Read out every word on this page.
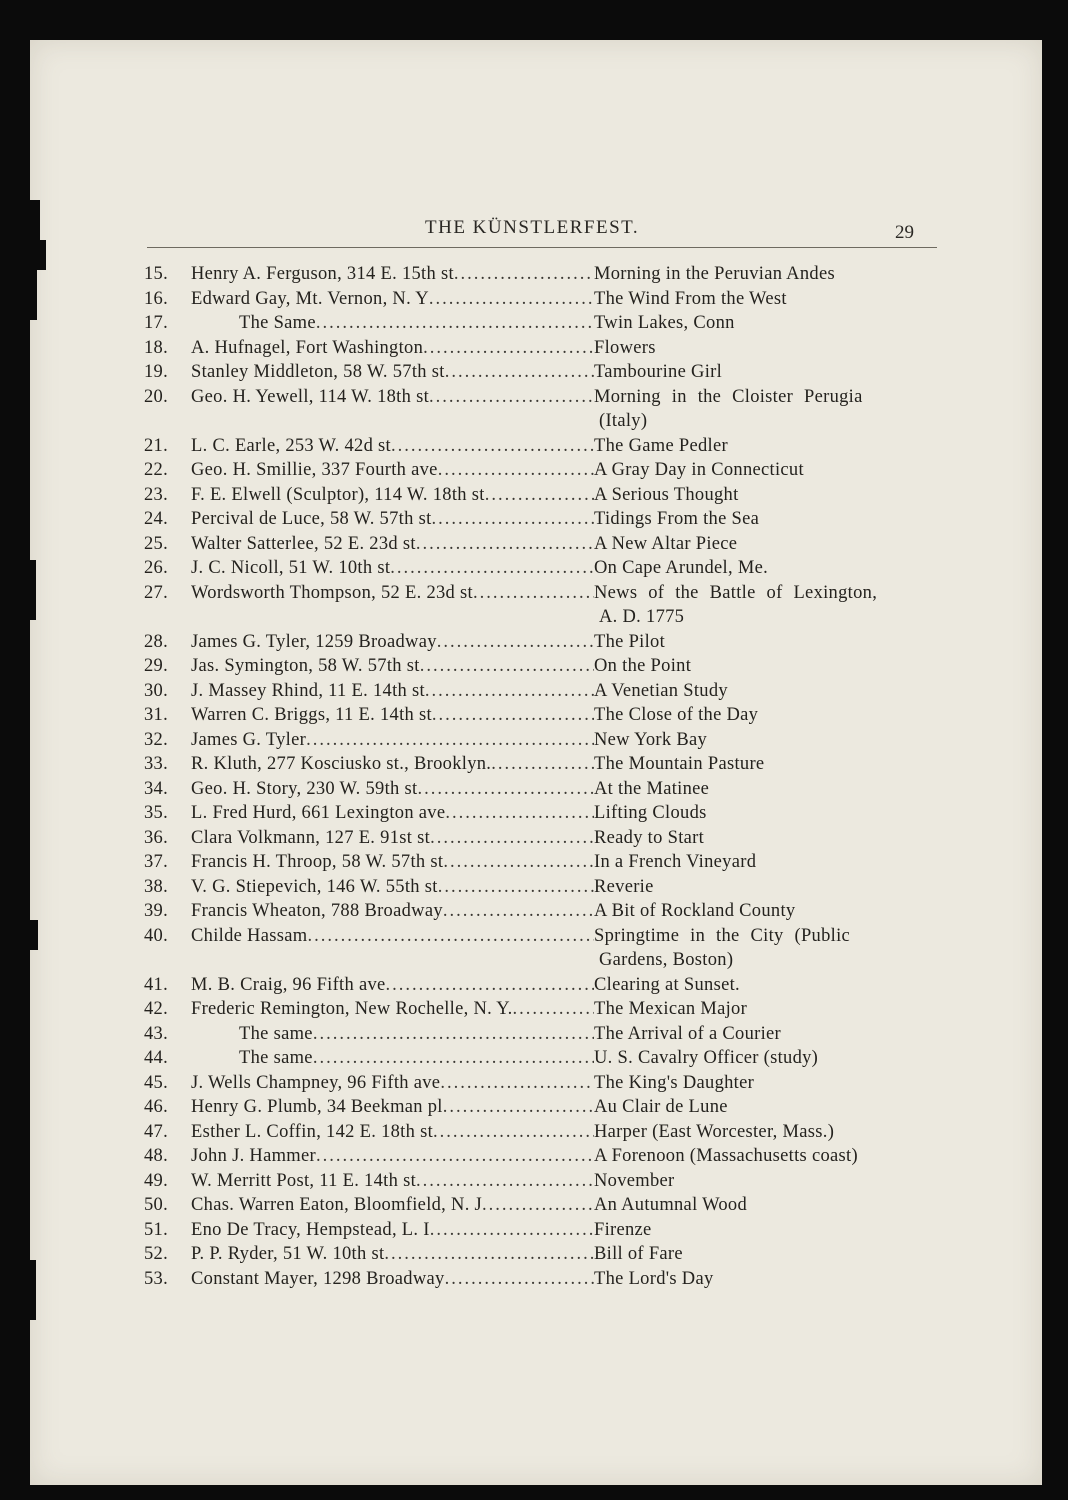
THE KÜNSTLERFEST.	29
15.	Henry A. Ferguson, 314 E. 15th st .....	Morning in the Peruvian Andes
16.	Edward Gay, Mt. Vernon, N. Y .....	The Wind From the West
17.	The Same .....	Twin Lakes, Conn
18.	A. Hufnagel, Fort Washington .....	Flowers
19.	Stanley Middleton, 58 W. 57th st .....	Tambourine Girl
20.	Geo. H. Yewell, 114 W. 18th st .....	Morning in the Cloister Perugia
(Italy)
21.	L. C. Earle, 253 W. 42d st .....	The Game Pedler
22.	Geo. H. Smillie, 337 Fourth ave .....	A Gray Day in Connecticut
23.	F. E. Elwell (Sculptor), 114 W. 18th st .....	A Serious Thought
24.	Percival de Luce, 58 W. 57th st .....	Tidings From the Sea
25.	Walter Satterlee, 52 E. 23d st .....	A New Altar Piece
26.	J. C. Nicoll, 51 W. 10th st .....	On Cape Arundel, Me.
27.	Wordsworth Thompson, 52 E. 23d st .....	News of the Battle of Lexington,
A. D. 1775
28.	James G. Tyler, 1259 Broadway .....	The Pilot
29.	Jas. Symington, 58 W. 57th st .....	On the Point
30.	J. Massey Rhind, 11 E. 14th st .....	A Venetian Study
31.	Warren C. Briggs, 11 E. 14th st .....	The Close of the Day
32.	James G. Tyler .....	New York Bay
33.	R. Kluth, 277 Kosciusko st., Brooklyn. .....	The Mountain Pasture
34.	Geo. H. Story, 230 W. 59th st .....	At the Matinee
35.	L. Fred Hurd, 661 Lexington ave .....	Lifting Clouds
36.	Clara Volkmann, 127 E. 91st st .....	Ready to Start
37.	Francis H. Throop, 58 W. 57th st .....	In a French Vineyard
38.	V. G. Stiepevich, 146 W. 55th st .....	Reverie
39.	Francis Wheaton, 788 Broadway .....	A Bit of Rockland County
40.	Childe Hassam .....	Springtime in the City (Public
Gardens, Boston)
41.	M. B. Craig, 96 Fifth ave .....	Clearing at Sunset.
42.	Frederic Remington, New Rochelle, N. Y. .....	The Mexican Major
43.	The same .....	The Arrival of a Courier
44.	The same .....	U. S. Cavalry Officer (study)
45.	J. Wells Champney, 96 Fifth ave .....	The King's Daughter
46.	Henry G. Plumb, 34 Beekman pl .....	Au Clair de Lune
47.	Esther L. Coffin, 142 E. 18th st .....	Harper (East Worcester, Mass.)
48.	John J. Hammer .....	A Forenoon (Massachusetts coast)
49.	W. Merritt Post, 11 E. 14th st .....	November
50.	Chas. Warren Eaton, Bloomfield, N. J .....	An Autumnal Wood
51.	Eno De Tracy, Hempstead, L. I .....	Firenze
52.	P. P. Ryder, 51 W. 10th st .....	Bill of Fare
53.	Constant Mayer, 1298 Broadway .....	The Lord's Day
